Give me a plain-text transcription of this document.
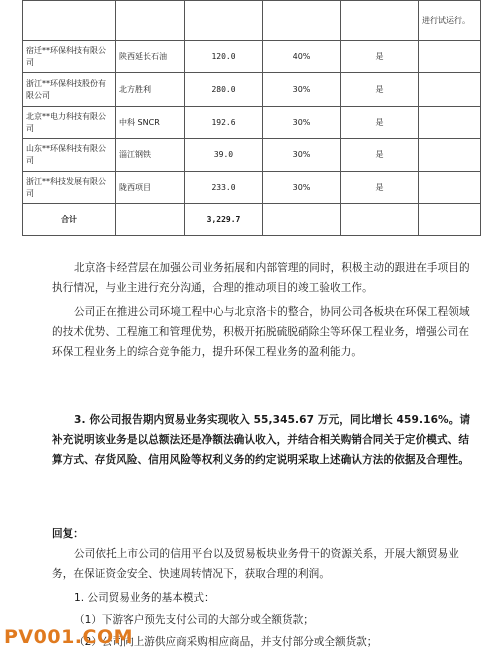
					进行试运行。
宿迁**环保科技有限公司	陕西延长石油	120.0	40%	是	
浙江**环保科技股份有限公司	北方胜利	280.0	30%	是	
北京**电力科技有限公司	中科 SNCR	192.6	30%	是	
山东**环保科技有限公司	淄江钢铁	39.0	30%	是	
浙江**科技发展有限公司	陇西项目	233.0	30%	是	
合计		3,229.7			

北京洛卡经营层在加强公司业务拓展和内部管理的同时，积极主动的跟进在手项目的执行情况，与业主进行充分沟通，合理的推动项目的竣工验收工作。

公司正在推进公司环境工程中心与北京洛卡的整合，协同公司各板块在环保工程领域的技术优势、工程施工和管理优势，积极开拓脱硫脱硝除尘等环保工程业务，增强公司在环保工程业务上的综合竞争能力，提升环保工程业务的盈利能力。

3. 你公司报告期内贸易业务实现收入 55,345.67 万元，同比增长 459.16%。请补充说明该业务是以总额法还是净额法确认收入，并结合相关购销合同关于定价模式、结算方式、存货风险、信用风险等权利义务的约定说明采取上述确认方法的依据及合理性。

回复：

公司依托上市公司的信用平台以及贸易板块业务骨干的资源关系，开展大额贸易业务，在保证资金安全、快速周转情况下，获取合理的利润。

1. 公司贸易业务的基本模式：
（1）下游客户预先支付公司的大部分或全额货款；
（2）公司向上游供应商采购相应商品，并支付部分或全额货款；
PV001.COM
